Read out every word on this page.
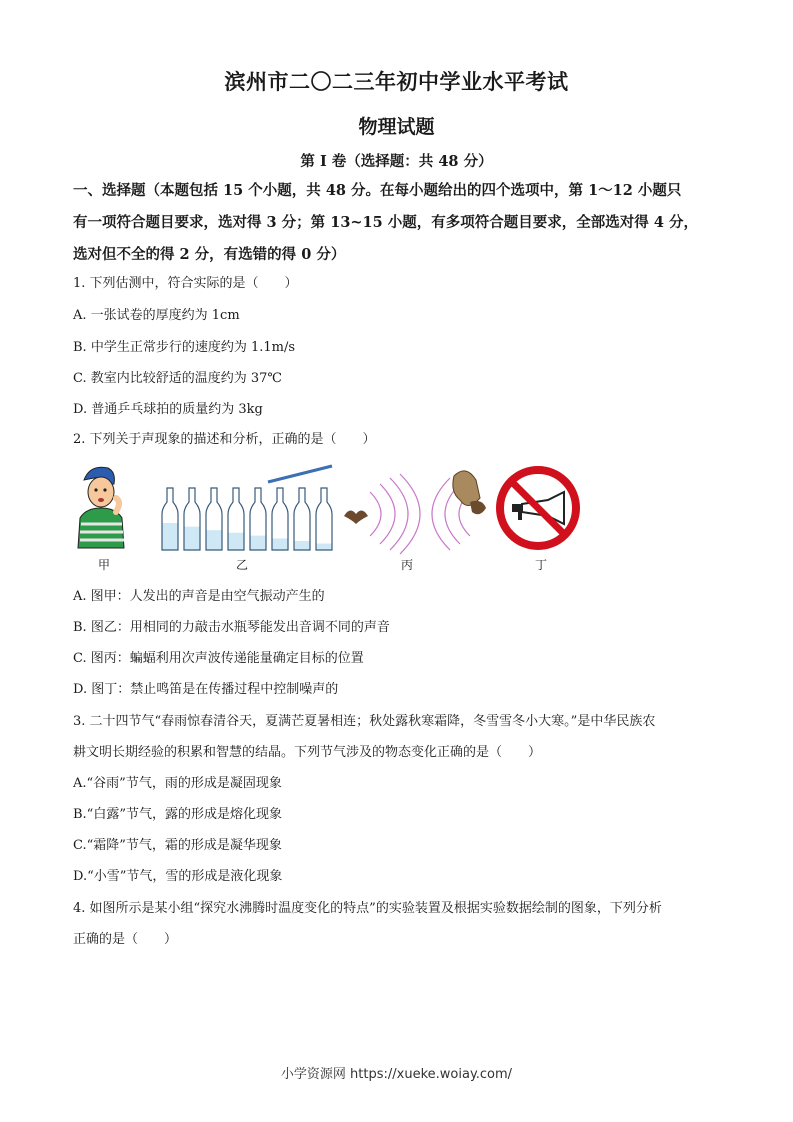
滨州市二〇二三年初中学业水平考试
物理试题
第 I 卷（选择题：共 48 分）
一、选择题（本题包括 15 个小题，共 48 分。在每小题给出的四个选项中，第 1～12 小题只
有一项符合题目要求，选对得 3 分；第 13~15 小题，有多项符合题目要求，全部选对得 4 分，
选对但不全的得 2 分，有选错的得 0 分）
1. 下列估测中，符合实际的是（　　）
A. 一张试卷的厚度约为 1cm
B. 中学生正常步行的速度约为 1.1m/s
C. 教室内比较舒适的温度约为 37℃
D. 普通乒乓球拍的质量约为 3kg
2. 下列关于声现象的描述和分析，正确的是（　　）
甲	乙	丙	丁
A. 图甲：人发出的声音是由空气振动产生的
B. 图乙：用相同的力敲击水瓶琴能发出音调不同的声音
C. 图丙：蝙蝠利用次声波传递能量确定目标的位置
D. 图丁：禁止鸣笛是在传播过程中控制噪声的
3. 二十四节气“春雨惊春清谷天，夏满芒夏暑相连；秋处露秋寒霜降，冬雪雪冬小大寒。”是中华民族农
耕文明长期经验的积累和智慧的结晶。下列节气涉及的物态变化正确的是（　　）
A.“谷雨”节气，雨的形成是凝固现象
B.“白露”节气，露的形成是熔化现象
C.“霜降”节气，霜的形成是凝华现象
D.“小雪”节气，雪的形成是液化现象
4. 如图所示是某小组“探究水沸腾时温度变化的特点”的实验装置及根据实验数据绘制的图象，下列分析
正确的是（　　）
小学资源网 https://xueke.woiay.com/
